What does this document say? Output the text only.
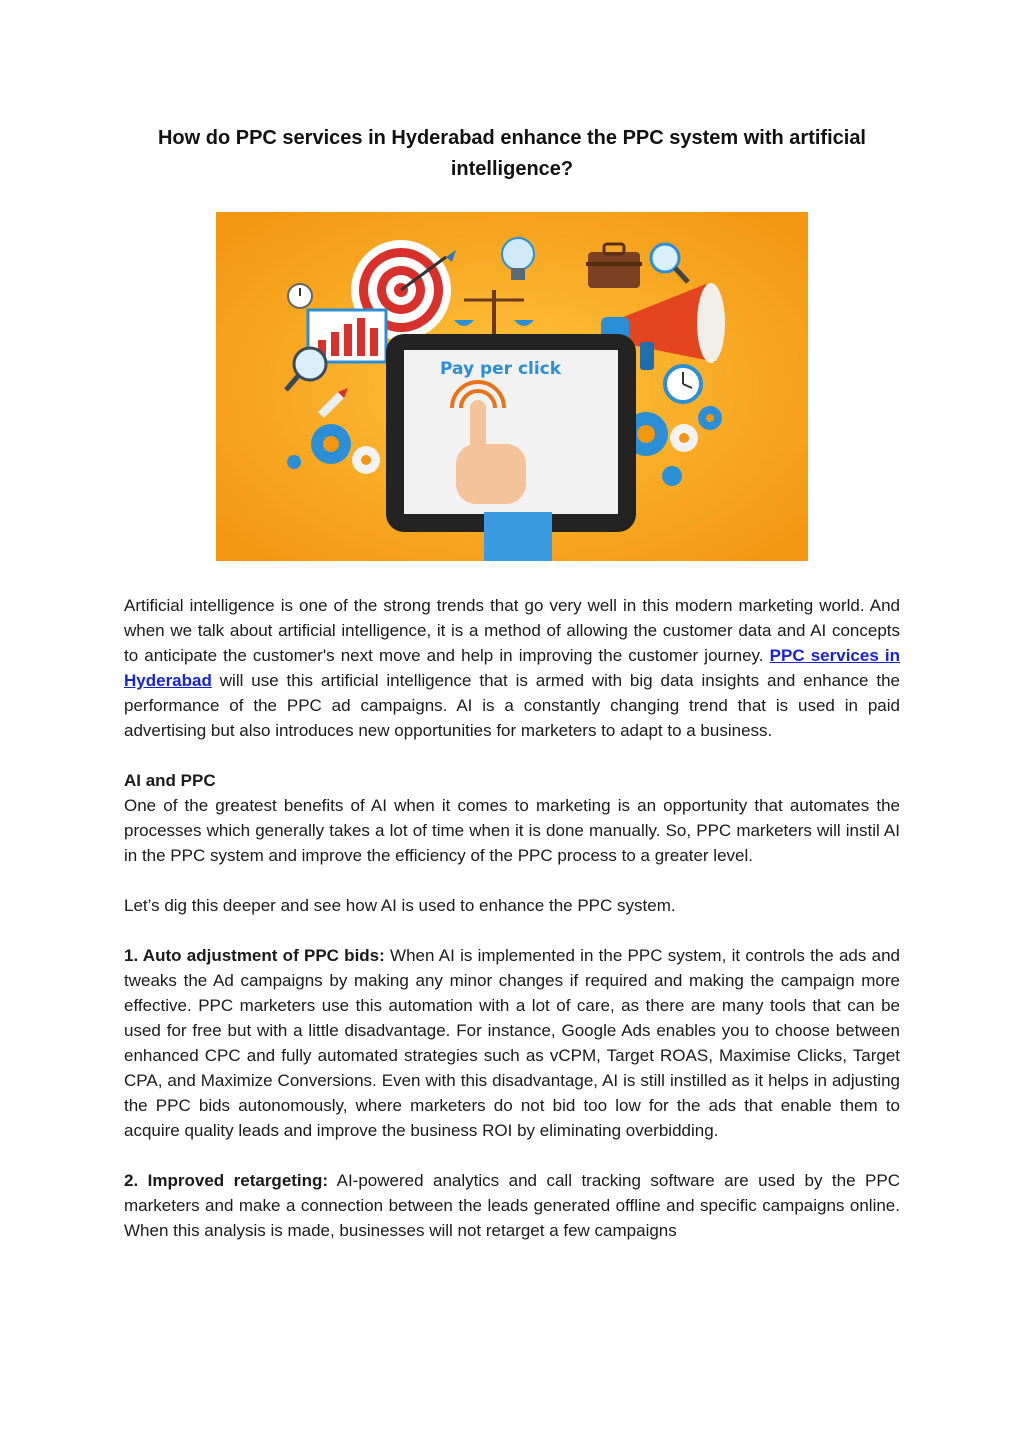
How do PPC services in Hyderabad enhance the PPC system with artificial intelligence?
Pay per click

Artificial intelligence is one of the strong trends that go very well in this modern marketing world. And when we talk about artificial intelligence, it is a method of allowing the customer data and AI concepts to anticipate the customer's next move and help in improving the customer journey. PPC services in Hyderabad will use this artificial intelligence that is armed with big data insights and enhance the performance of the PPC ad campaigns. AI is a constantly changing trend that is used in paid advertising but also introduces new opportunities for marketers to adapt to a business.

AI and PPC

One of the greatest benefits of AI when it comes to marketing is an opportunity that automates the processes which generally takes a lot of time when it is done manually. So, PPC marketers will instil AI in the PPC system and improve the efficiency of the PPC process to a greater level.

Let’s dig this deeper and see how AI is used to enhance the PPC system.

1. Auto adjustment of PPC bids: When AI is implemented in the PPC system, it controls the ads and tweaks the Ad campaigns by making any minor changes if required and making the campaign more effective. PPC marketers use this automation with a lot of care, as there are many tools that can be used for free but with a little disadvantage. For instance, Google Ads enables you to choose between enhanced CPC and fully automated strategies such as vCPM, Target ROAS, Maximise Clicks, Target CPA, and Maximize Conversions. Even with this disadvantage, AI is still instilled as it helps in adjusting the PPC bids autonomously, where marketers do not bid too low for the ads that enable them to acquire quality leads and improve the business ROI by eliminating overbidding.

2. Improved retargeting: AI-powered analytics and call tracking software are used by the PPC marketers and make a connection between the leads generated offline and specific campaigns online. When this analysis is made, businesses will not retarget a few campaigns
